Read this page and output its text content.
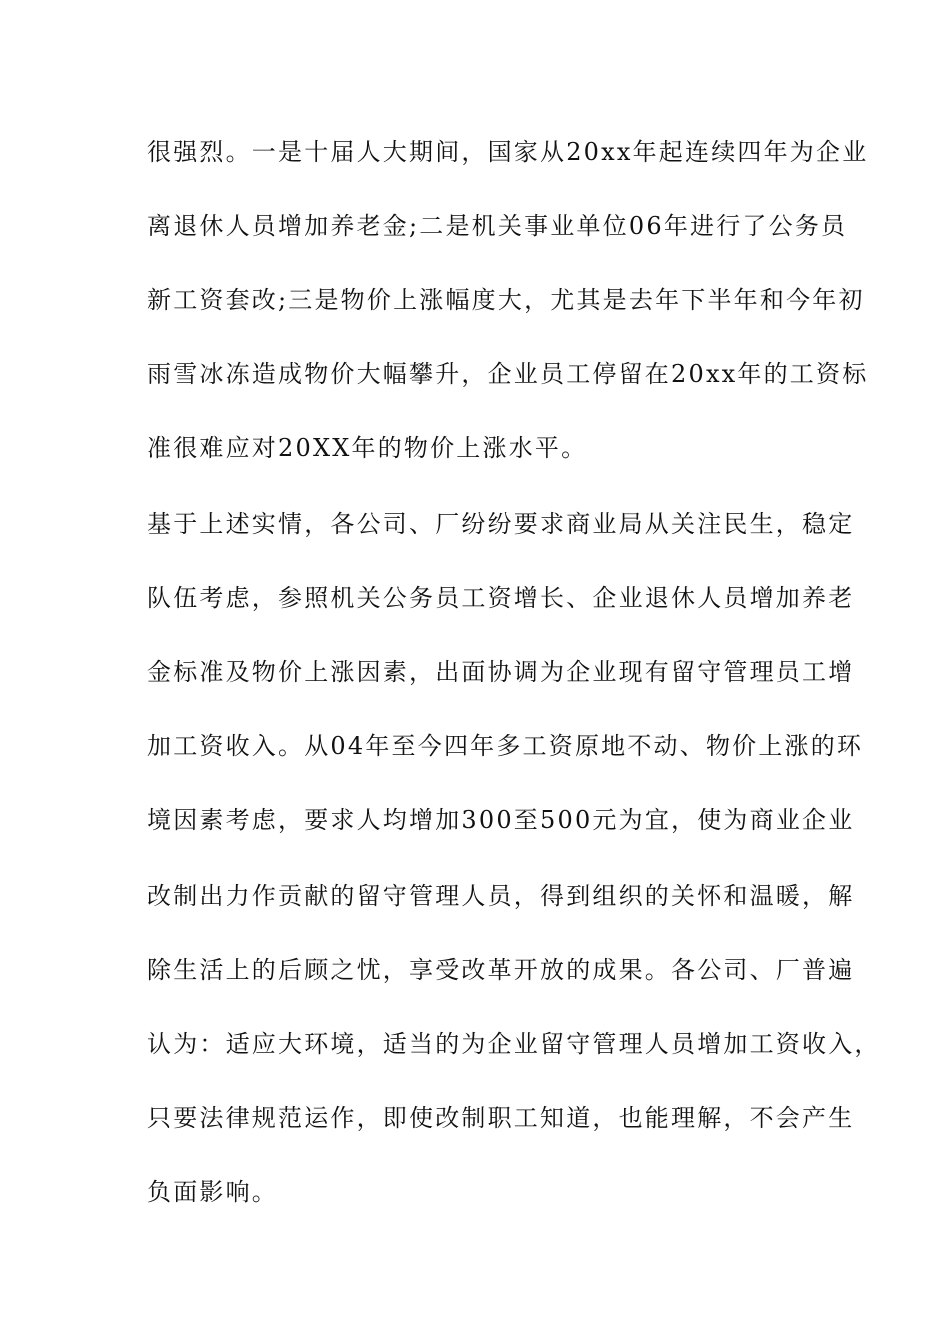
很强烈。一是十届人大期间，国家从20xx年起连续四年为企业
离退休人员增加养老金;二是机关事业单位06年进行了公务员
新工资套改;三是物价上涨幅度大，尤其是去年下半年和今年初
雨雪冰冻造成物价大幅攀升，企业员工停留在20xx年的工资标
准很难应对20XX年的物价上涨水平。
基于上述实情，各公司、厂纷纷要求商业局从关注民生，稳定
队伍考虑，参照机关公务员工资增长、企业退休人员增加养老
金标准及物价上涨因素，出面协调为企业现有留守管理员工增
加工资收入。从04年至今四年多工资原地不动、物价上涨的环
境因素考虑，要求人均增加300至500元为宜，使为商业企业
改制出力作贡献的留守管理人员，得到组织的关怀和温暖，解
除生活上的后顾之忧，享受改革开放的成果。各公司、厂普遍
认为：适应大环境，适当的为企业留守管理人员增加工资收入，
只要法律规范运作，即使改制职工知道，也能理解，不会产生
负面影响。
